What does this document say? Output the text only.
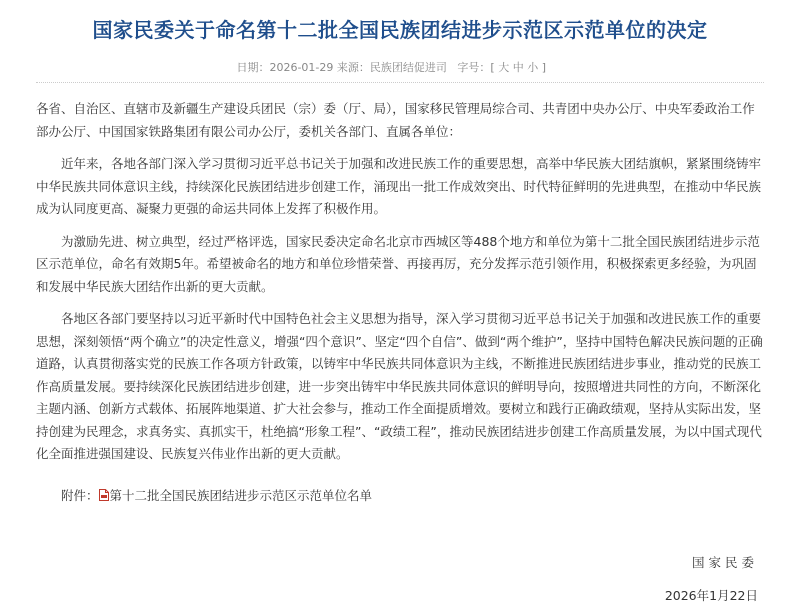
国家民委关于命名第十二批全国民族团结进步示范区示范单位的决定
日期：2026-01-29 来源：民族团结促进司 字号：[ 大 中 小 ]

各省、自治区、直辖市及新疆生产建设兵团民（宗）委（厅、局），国家移民管理局综合司、共青团中央办公厅、中央军委政治工作部办公厅、中国国家铁路集团有限公司办公厅，委机关各部门、直属各单位：

近年来，各地各部门深入学习贯彻习近平总书记关于加强和改进民族工作的重要思想，高举中华民族大团结旗帜，紧紧围绕铸牢中华民族共同体意识主线，持续深化民族团结进步创建工作，涌现出一批工作成效突出、时代特征鲜明的先进典型，在推动中华民族成为认同度更高、凝聚力更强的命运共同体上发挥了积极作用。

为激励先进、树立典型，经过严格评选，国家民委决定命名北京市西城区等488个地方和单位为第十二批全国民族团结进步示范区示范单位，命名有效期5年。希望被命名的地方和单位珍惜荣誉、再接再厉，充分发挥示范引领作用，积极探索更多经验，为巩固和发展中华民族大团结作出新的更大贡献。

各地区各部门要坚持以习近平新时代中国特色社会主义思想为指导，深入学习贯彻习近平总书记关于加强和改进民族工作的重要思想，深刻领悟“两个确立”的决定性意义，增强“四个意识”、坚定“四个自信”、做到“两个维护”，坚持中国特色解决民族问题的正确道路，认真贯彻落实党的民族工作各项方针政策，以铸牢中华民族共同体意识为主线，不断推进民族团结进步事业，推动党的民族工作高质量发展。要持续深化民族团结进步创建，进一步突出铸牢中华民族共同体意识的鲜明导向，按照增进共同性的方向，不断深化主题内涵、创新方式载体、拓展阵地渠道、扩大社会参与，推动工作全面提质增效。要树立和践行正确政绩观，坚持从实际出发，坚持创建为民理念，求真务实、真抓实干，杜绝搞“形象工程”、“政绩工程”，推动民族团结进步创建工作高质量发展，为以中国式现代化全面推进强国建设、民族复兴伟业作出新的更大贡献。

附件： 第十二批全国民族团结进步示范区示范单位名单
国家民委
2026年1月22日
